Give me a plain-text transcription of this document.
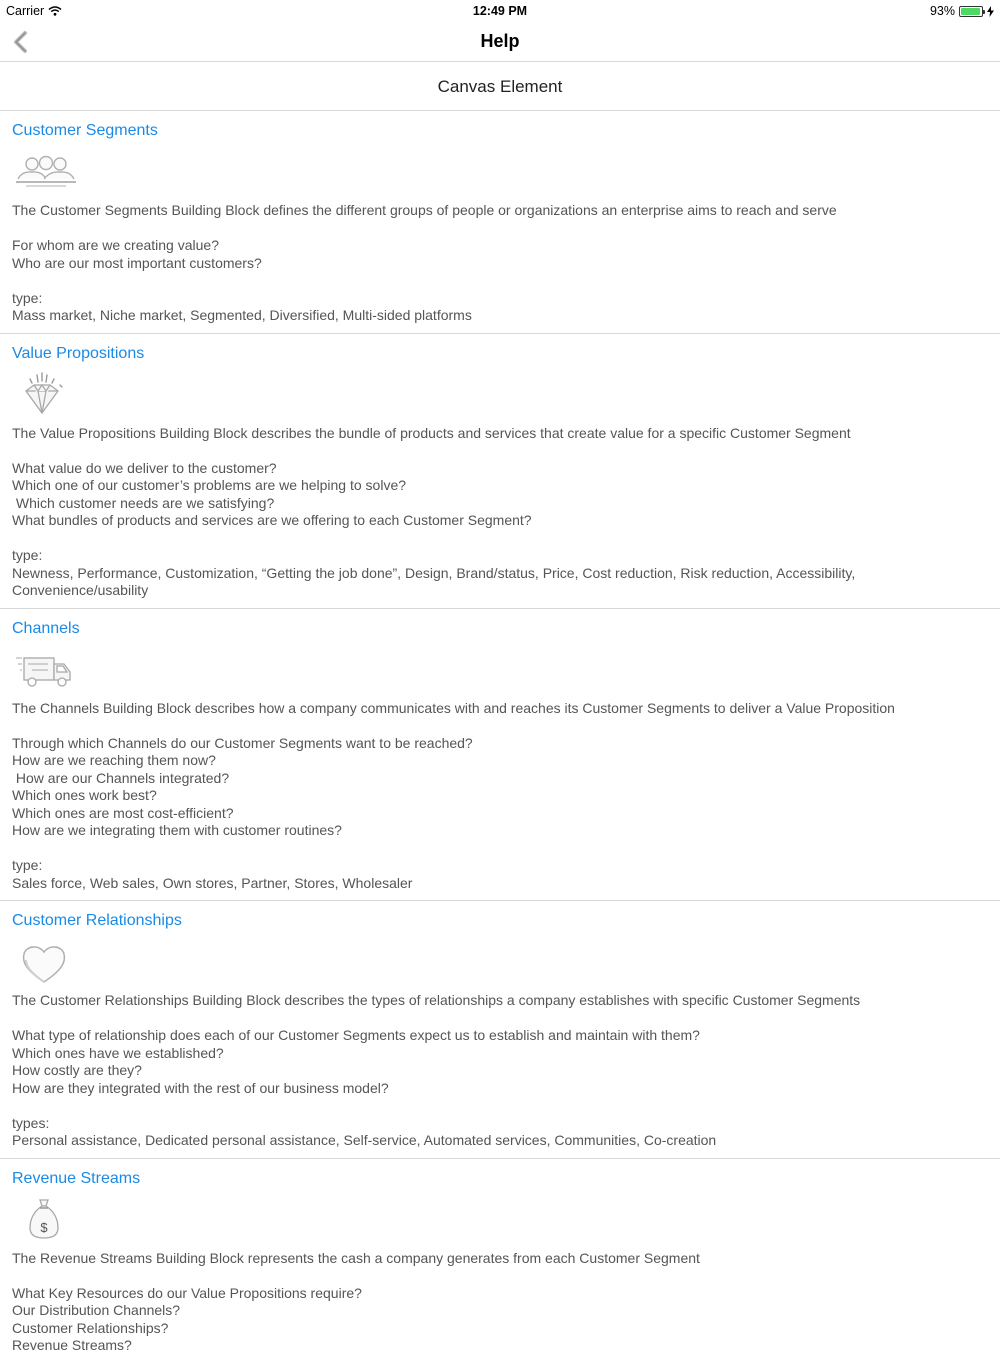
Carrier	12:49 PM	93%
Help
Canvas Element
Customer Segments
The Customer Segments Building Block defines the different groups of people or organizations an enterprise aims to reach and serve
For whom are we creating value?
Who are our most important customers?
type:
Mass market, Niche market, Segmented, Diversified, Multi-sided platforms
Value Propositions
The Value Propositions Building Block describes the bundle of products and services that create value for a specific Customer Segment
What value do we deliver to the customer?
Which one of our customer’s problems are we helping to solve?
Which customer needs are we satisfying?
What bundles of products and services are we offering to each Customer Segment?
type:
Newness, Performance, Customization, “Getting the job done”, Design, Brand/status, Price, Cost reduction, Risk reduction, Accessibility, Convenience/usability
Channels
The Channels Building Block describes how a company communicates with and reaches its Customer Segments to deliver a Value Proposition
Through which Channels do our Customer Segments want to be reached?
How are we reaching them now?
How are our Channels integrated?
Which ones work best?
Which ones are most cost-efficient?
How are we integrating them with customer routines?
type:
Sales force, Web sales, Own stores, Partner, Stores, Wholesaler
Customer Relationships
The Customer Relationships Building Block describes the types of relationships a company establishes with specific Customer Segments
What type of relationship does each of our Customer Segments expect us to establish and maintain with them?
Which ones have we established?
How costly are they?
How are they integrated with the rest of our business model?
types:
Personal assistance, Dedicated personal assistance, Self-service, Automated services, Communities, Co-creation
Revenue Streams
$
The Revenue Streams Building Block represents the cash a company generates from each Customer Segment
What Key Resources do our Value Propositions require?
Our Distribution Channels?
Customer Relationships?
Revenue Streams?
